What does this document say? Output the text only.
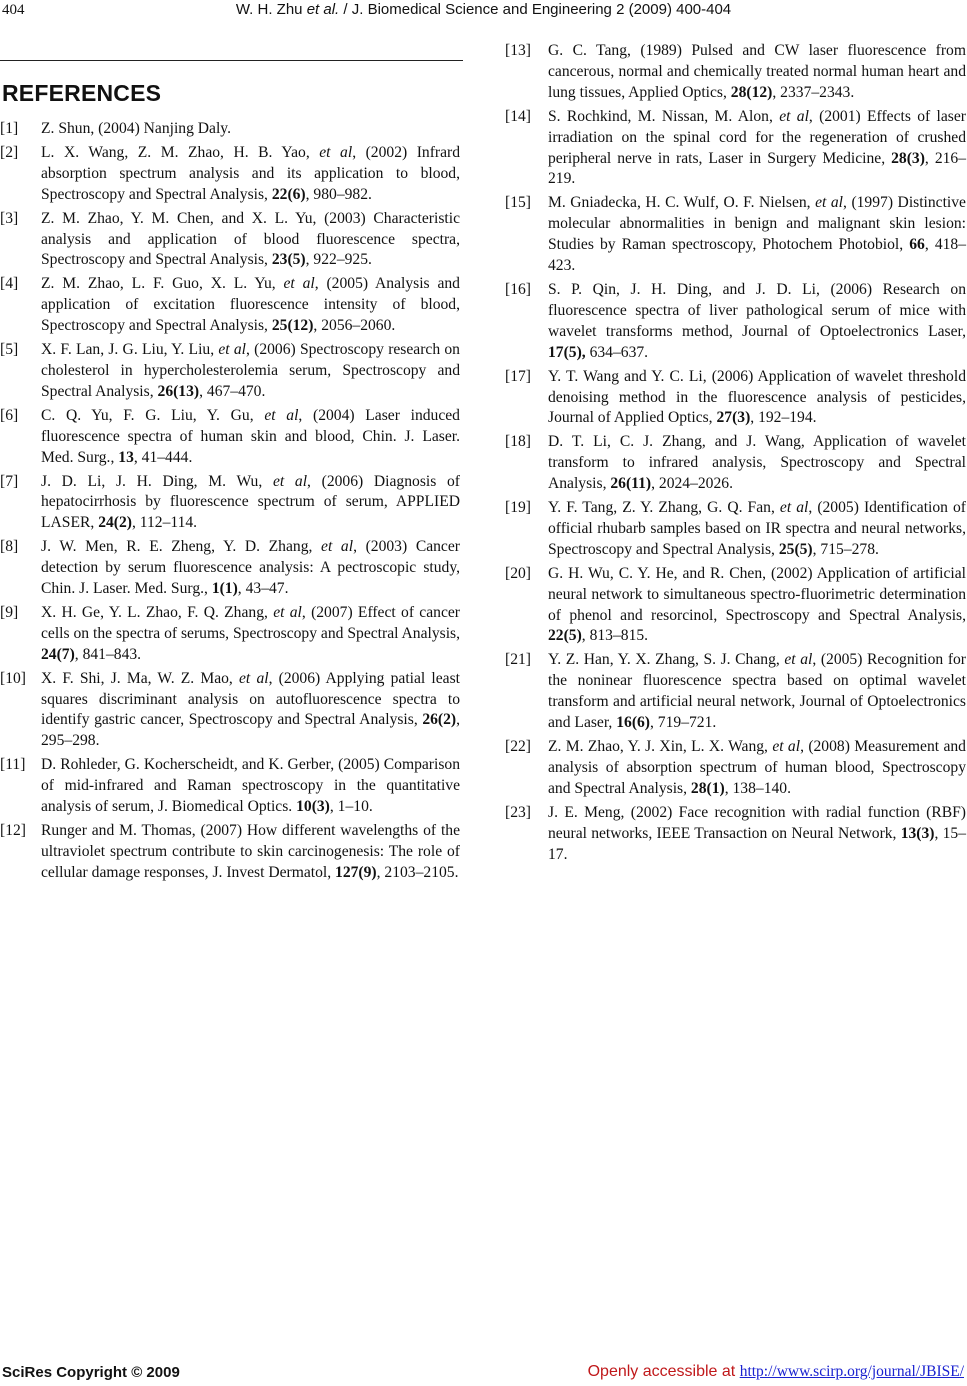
404	W. H. Zhu et al. / J. Biomedical Science and Engineering 2 (2009) 400-404
REFERENCES
[1]	Z. Shun, (2004) Nanjing Daly.
[2]	L. X. Wang, Z. M. Zhao, H. B. Yao, et al, (2002) Infrard absorption spectrum analysis and its application to blood, Spectroscopy and Spectral Analysis, 22(6), 980–982.
[3]	Z. M. Zhao, Y. M. Chen, and X. L. Yu, (2003) Characteristic analysis and application of blood fluorescence spectra, Spectroscopy and Spectral Analysis, 23(5), 922–925.
[4]	Z. M. Zhao, L. F. Guo, X. L. Yu, et al, (2005) Analysis and application of excitation fluorescence intensity of blood, Spectroscopy and Spectral Analysis, 25(12), 2056–2060.
[5]	X. F. Lan, J. G. Liu, Y. Liu, et al, (2006) Spectroscopy research on cholesterol in hypercholesterolemia serum, Spectroscopy and Spectral Analysis, 26(13), 467–470.
[6]	C. Q. Yu, F. G. Liu, Y. Gu, et al, (2004) Laser induced fluorescence spectra of human skin and blood, Chin. J. Laser. Med. Surg., 13, 41–444.
[7]	J. D. Li, J. H. Ding, M. Wu, et al, (2006) Diagnosis of hepatocirrhosis by fluorescence spectrum of serum, APPLIED LASER, 24(2), 112–114.
[8]	J. W. Men, R. E. Zheng, Y. D. Zhang, et al, (2003) Cancer detection by serum fluorescence analysis: A pectroscopic study, Chin. J. Laser. Med. Surg., 1(1), 43–47.
[9]	X. H. Ge, Y. L. Zhao, F. Q. Zhang, et al, (2007) Effect of cancer cells on the spectra of serums, Spectroscopy and Spectral Analysis, 24(7), 841–843.
[10] X. F. Shi, J. Ma, W. Z. Mao, et al, (2006) Applying patial least squares discriminant analysis on autofluorescence spectra to identify gastric cancer, Spectroscopy and Spectral Analysis, 26(2), 295–298.
[11] D. Rohleder, G. Kocherscheidt, and K. Gerber, (2005) Comparison of mid-infrared and Raman spectroscopy in the quantitative analysis of serum, J. Biomedical Optics. 10(3), 1–10.
[12] Runger and M. Thomas, (2007) How different wavelengths of the ultraviolet spectrum contribute to skin carcinogenesis: The role of cellular damage responses, J. Invest Dermatol, 127(9), 2103–2105.
[13]	G. C. Tang, (1989) Pulsed and CW laser fluorescence from cancerous, normal and chemically treated normal human heart and lung tissues, Applied Optics, 28(12), 2337–2343.
[14]	S. Rochkind, M. Nissan, M. Alon, et al, (2001) Effects of laser irradiation on the spinal cord for the regeneration of crushed peripheral nerve in rats, Laser in Surgery Medicine, 28(3), 216–219.
[15]	M. Gniadecka, H. C. Wulf, O. F. Nielsen, et al, (1997) Distinctive molecular abnormalities in benign and malignant skin lesion: Studies by Raman spectroscopy, Photochem Photobiol, 66, 418–423.
[16]	S. P. Qin, J. H. Ding, and J. D. Li, (2006) Research on fluorescence spectra of liver pathological serum of mice with wavelet transforms method, Journal of Optoelectronics Laser, 17(5), 634–637.
[17]	Y. T. Wang and Y. C. Li, (2006) Application of wavelet threshold denoising method in the fluorescence analysis of pesticides, Journal of Applied Optics, 27(3), 192–194.
[18]	D. T. Li, C. J. Zhang, and J. Wang, Application of wavelet transform to infrared analysis, Spectroscopy and Spectral Analysis, 26(11), 2024–2026.
[19]	Y. F. Tang, Z. Y. Zhang, G. Q. Fan, et al, (2005) Identification of official rhubarb samples based on IR spectra and neural networks, Spectroscopy and Spectral Analysis, 25(5), 715–278.
[20]	G. H. Wu, C. Y. He, and R. Chen, (2002) Application of artificial neural network to simultaneous spectro-fluorimetric determination of phenol and resorcinol, Spectroscopy and Spectral Analysis, 22(5), 813–815.
[21]	Y. Z. Han, Y. X. Zhang, S. J. Chang, et al, (2005) Recognition for the noninear fluorescence spectra based on optimal wavelet transform and artificial neural network, Journal of Optoelectronics and Laser, 16(6), 719–721.
[22]	Z. M. Zhao, Y. J. Xin, L. X. Wang, et al, (2008) Measurement and analysis of absorption spectrum of human blood, Spectroscopy and Spectral Analysis, 28(1), 138–140.
[23]	J. E. Meng, (2002) Face recognition with radial function (RBF) neural networks, IEEE Transaction on Neural Network, 13(3), 15–17.
SciRes Copyright © 2009	Openly accessible at http://www.scirp.org/journal/JBISE/
